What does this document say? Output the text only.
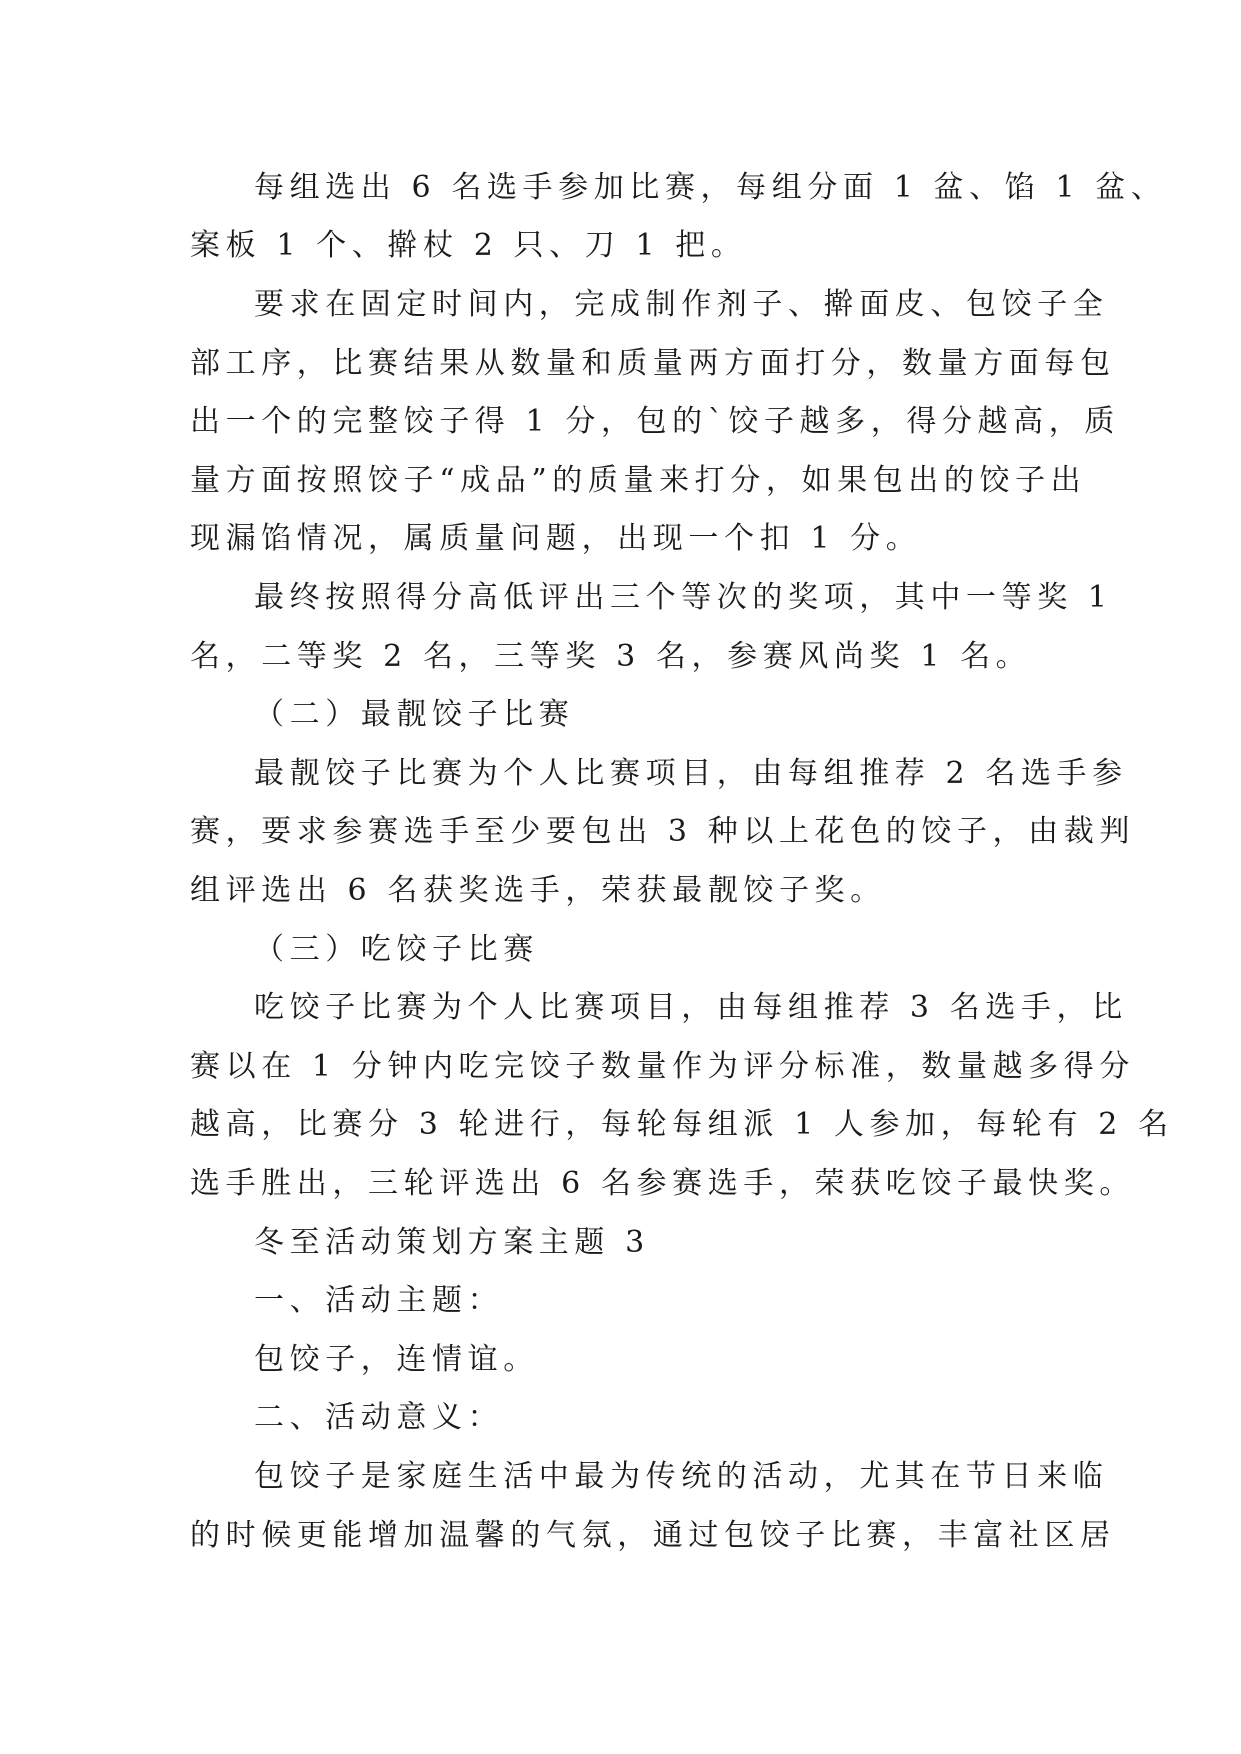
每组选出 6 名选手参加比赛，每组分面 1 盆、馅 1 盆、
案板 1 个、擀杖 2 只、刀 1 把。
要求在固定时间内，完成制作剂子、擀面皮、包饺子全
部工序，比赛结果从数量和质量两方面打分，数量方面每包
出一个的完整饺子得 1 分，包的`饺子越多，得分越高，质
量方面按照饺子“成品”的质量来打分，如果包出的饺子出
现漏馅情况，属质量问题，出现一个扣 1 分。
最终按照得分高低评出三个等次的奖项，其中一等奖 1
名，二等奖 2 名，三等奖 3 名，参赛风尚奖 1 名。
（二）最靓饺子比赛
最靓饺子比赛为个人比赛项目，由每组推荐 2 名选手参
赛，要求参赛选手至少要包出 3 种以上花色的饺子，由裁判
组评选出 6 名获奖选手，荣获最靓饺子奖。
（三）吃饺子比赛
吃饺子比赛为个人比赛项目，由每组推荐 3 名选手，比
赛以在 1 分钟内吃完饺子数量作为评分标准，数量越多得分
越高，比赛分 3 轮进行，每轮每组派 1 人参加，每轮有 2 名
选手胜出，三轮评选出 6 名参赛选手，荣获吃饺子最快奖。
冬至活动策划方案主题 3
一、活动主题：
包饺子，连情谊。
二、活动意义：
包饺子是家庭生活中最为传统的活动，尤其在节日来临
的时候更能增加温馨的气氛，通过包饺子比赛，丰富社区居
